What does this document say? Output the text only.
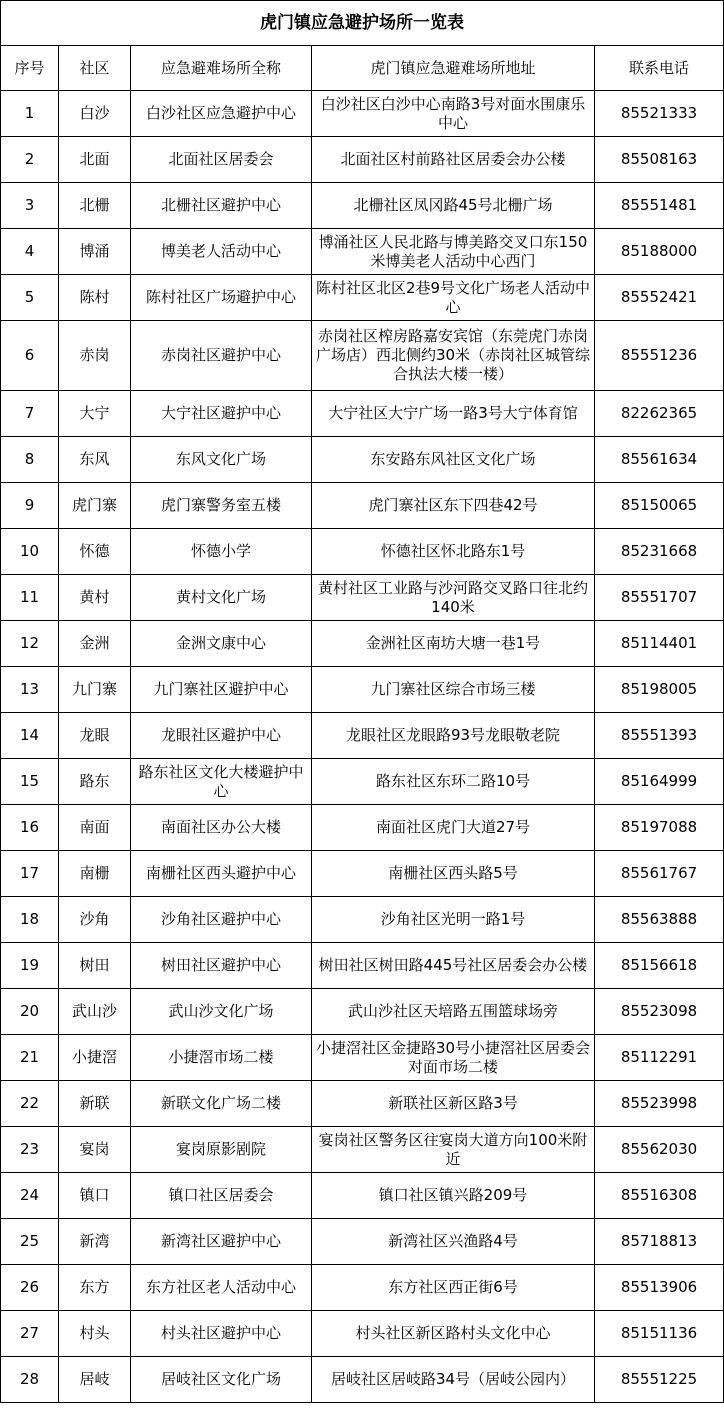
虎门镇应急避护场所一览表				
序号	社区	应急避难场所全称	虎门镇应急避难场所地址	联系电话
1	白沙	白沙社区应急避护中心	白沙社区白沙中心南路3号对面水围康乐中心	85521333
2	北面	北面社区居委会	北面社区村前路社区居委会办公楼	85508163
3	北栅	北栅社区避护中心	北栅社区凤冈路45号北栅广场	85551481
4	博涌	博美老人活动中心	博涌社区人民北路与博美路交叉口东150米博美老人活动中心西门	85188000
5	陈村	陈村社区广场避护中心	陈村社区北区2巷9号文化广场老人活动中心	85552421
6	赤岗	赤岗社区避护中心	赤岗社区榨房路嘉安宾馆（东莞虎门赤岗广场店）西北侧约30米（赤岗社区城管综合执法大楼一楼）	85551236
7	大宁	大宁社区避护中心	大宁社区大宁广场一路3号大宁体育馆	82262365
8	东风	东风文化广场	东安路东风社区文化广场	85561634
9	虎门寨	虎门寨警务室五楼	虎门寨社区东下四巷42号	85150065
10	怀德	怀德小学	怀德社区怀北路东1号	85231668
11	黄村	黄村文化广场	黄村社区工业路与沙河路交叉路口往北约140米	85551707
12	金洲	金洲文康中心	金洲社区南坊大塘一巷1号	85114401
13	九门寨	九门寨社区避护中心	九门寨社区综合市场三楼	85198005
14	龙眼	龙眼社区避护中心	龙眼社区龙眼路93号龙眼敬老院	85551393
15	路东	路东社区文化大楼避护中心	路东社区东环二路10号	85164999
16	南面	南面社区办公大楼	南面社区虎门大道27号	85197088
17	南栅	南栅社区西头避护中心	南栅社区西头路5号	85561767
18	沙角	沙角社区避护中心	沙角社区光明一路1号	85563888
19	树田	树田社区避护中心	树田社区树田路445号社区居委会办公楼	85156618
20	武山沙	武山沙文化广场	武山沙社区天培路五围篮球场旁	85523098
21	小捷滘	小捷滘市场二楼	小捷滘社区金捷路30号小捷滘社区居委会对面市场二楼	85112291
22	新联	新联文化广场二楼	新联社区新区路3号	85523998
23	宴岗	宴岗原影剧院	宴岗社区警务区往宴岗大道方向100米附近	85562030
24	镇口	镇口社区居委会	镇口社区镇兴路209号	85516308
25	新湾	新湾社区避护中心	新湾社区兴渔路4号	85718813
26	东方	东方社区老人活动中心	东方社区西正街6号	85513906
27	村头	村头社区避护中心	村头社区新区路村头文化中心	85151136
28	居岐	居岐社区文化广场	居岐社区居岐路34号（居岐公园内）	85551225
